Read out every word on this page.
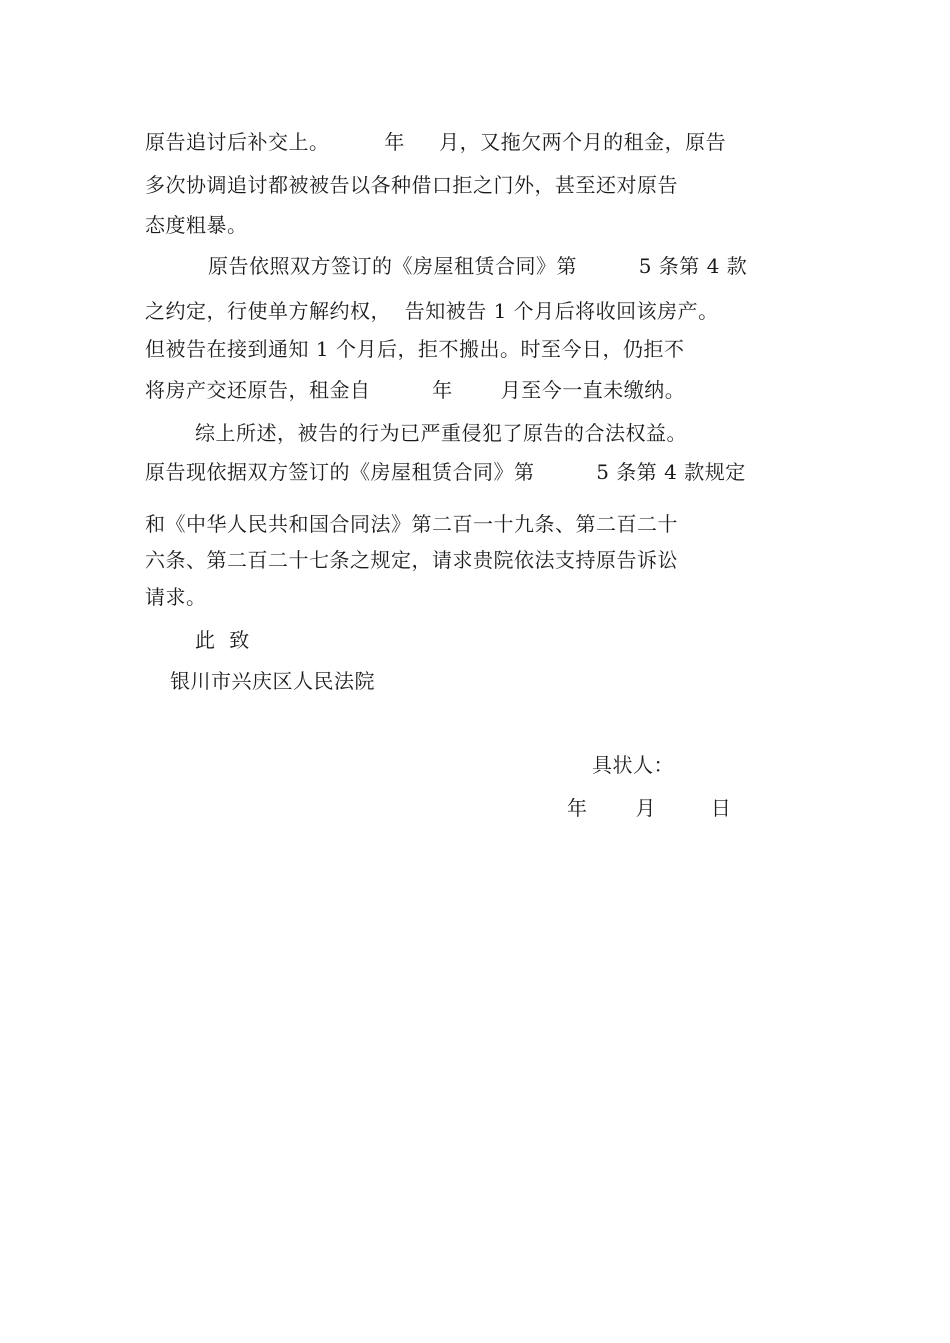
原告追讨后补交上。        年     月，又拖欠两个月的租金，原告
多次协调追讨都被被告以各种借口拒之门外，甚至还对原告
态度粗暴。
原告依照双方签订的《房屋租赁合同》第         5 条第 4 款
之约定，行使单方解约权，  告知被告 1 个月后将收回该房产。
但被告在接到通知 1 个月后，拒不搬出。时至今日，仍拒不
将房产交还原告，租金自         年       月至今一直未缴纳。
综上所述，被告的行为已严重侵犯了原告的合法权益。
原告现依据双方签订的《房屋租赁合同》第         5 条第 4 款规定
和《中华人民共和国合同法》第二百一十九条、第二百二十
六条、第二百二十七条之规定，请求贵院依法支持原告诉讼
请求。
此  致
银川市兴庆区人民法院
具状人：
年       月        日
